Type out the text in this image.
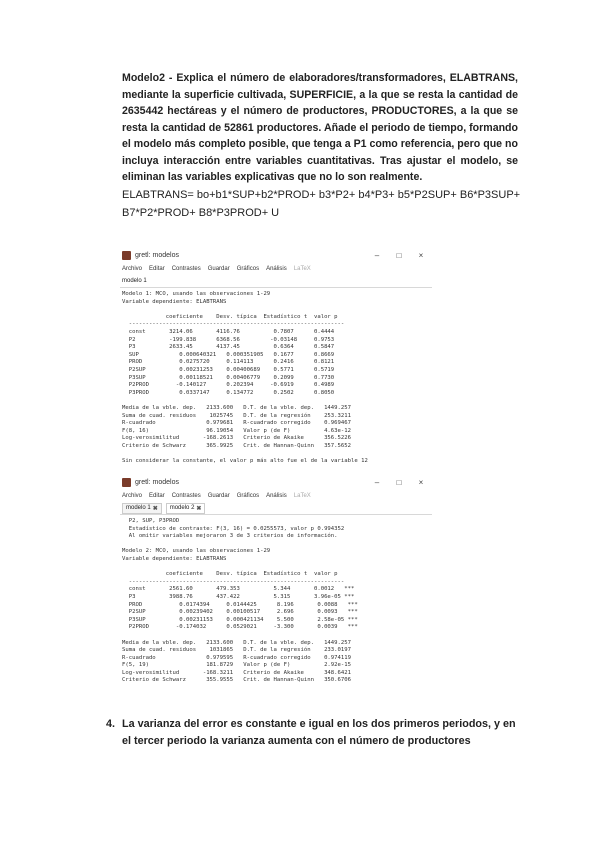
Modelo2 - Explica el número de elaboradores/transformadores, ELABTRANS, mediante la superficie cultivada, SUPERFICIE, a la que se resta la cantidad de 2635442 hectáreas y el número de productores, PRODUCTORES, a la que se resta la cantidad de 52861 productores. Añade el periodo de tiempo, formando el modelo más completo posible, que tenga a P1 como referencia, pero que no incluya interacción entre variables cuantitativas. Tras ajustar el modelo, se eliminan las variables explicativas que no lo son realmente.
ELABTRANS= bo+b1*SUP+b2*PROD+ b3*P2+ b4*P3+ b5*P2SUP+ B6*P3SUP+ B7*P2*PROD+ B8*P3PROD+ U
gretl: modelos	–	□	×
Archivo Editar Contrastes Guardar Gráficos Análisis LaTeX
modelo 1
Modelo 1: MCO, usando las observaciones 1-29
Variable dependiente: ELABTRANS

coeficiente    Desv. típica  Estadístico t  valor p
----------------------------------------------------------------
const       3214.06       4116.76          0.7807      0.4444
P2          -199.838      6368.56         -0.03148     0.9753
P3          2633.45       4137.45          0.6364      0.5847
SUP            0.000640321   0.000351905   0.1677      0.8669
PROD           0.0275720     0.114113      0.2416      0.8121
P2SUP          0.00231253    0.00400689    0.5771      0.5719
P3SUP          0.00118521    0.00406779    0.2099      0.7730
P2PROD        -0.140127      0.202394     -0.6919      0.4989
P3PROD         0.0337147     0.134772      0.2502      0.8050

Media de la vble. dep.   2133.600   D.T. de la vble. dep.   1449.257
Suma de cuad. residuos    1025745   D.T. de la regresión    253.3211
R-cuadrado               0.979681   R-cuadrado corregido    0.969467
F(8, 16)                 96.19054   Valor p (de F)          4.63e-12
Log-verosimilitud       -168.2613   Criterio de Akaike      356.5226
Criterio de Schwarz      365.9925   Crit. de Hannan-Quinn   357.5652

Sin considerar la constante, el valor p más alto fue el de la variable 12
gretl: modelos	–	□	×
Archivo Editar Contrastes Guardar Gráficos Análisis LaTeX
modelo 1 ✖ modelo 2 ✖
P2, SUP, P3PROD
Estadístico de contraste: F(3, 16) = 0.0255573, valor p 0.994352
Al omitir variables mejoraron 3 de 3 criterios de información.

Modelo 2: MCO, usando las observaciones 1-29
Variable dependiente: ELABTRANS

coeficiente    Desv. típica  Estadístico t  valor p
----------------------------------------------------------------
const       2561.60       479.353          5.344       0.0012   ***
P3          3988.76       437.422          5.315       3.96e-05 ***
PROD           0.0174394     0.0144425      8.196       0.0088   ***
P2SUP          0.00239402    0.00100517     2.696       0.0093   ***
P3SUP          0.00231153    0.000421134    5.500       2.58e-05 ***
P2PROD        -0.174032      0.0529021     -3.300       0.0039   ***

Media de la vble. dep.   2133.600   D.T. de la vble. dep.   1449.257
Suma de cuad. residuos    1031865   D.T. de la regresión    233.0197
R-cuadrado               0.979595   R-cuadrado corregido    0.974119
F(5, 19)                 181.8729   Valor p (de F)          2.92e-15
Log-verosimilitud       -168.3211   Criterio de Akaike      348.6421
Criterio de Schwarz      355.9555   Crit. de Hannan-Quinn   350.6706
4. La varianza del error es constante e igual en los dos primeros periodos, y en el tercer periodo la varianza aumenta con el número de productores
